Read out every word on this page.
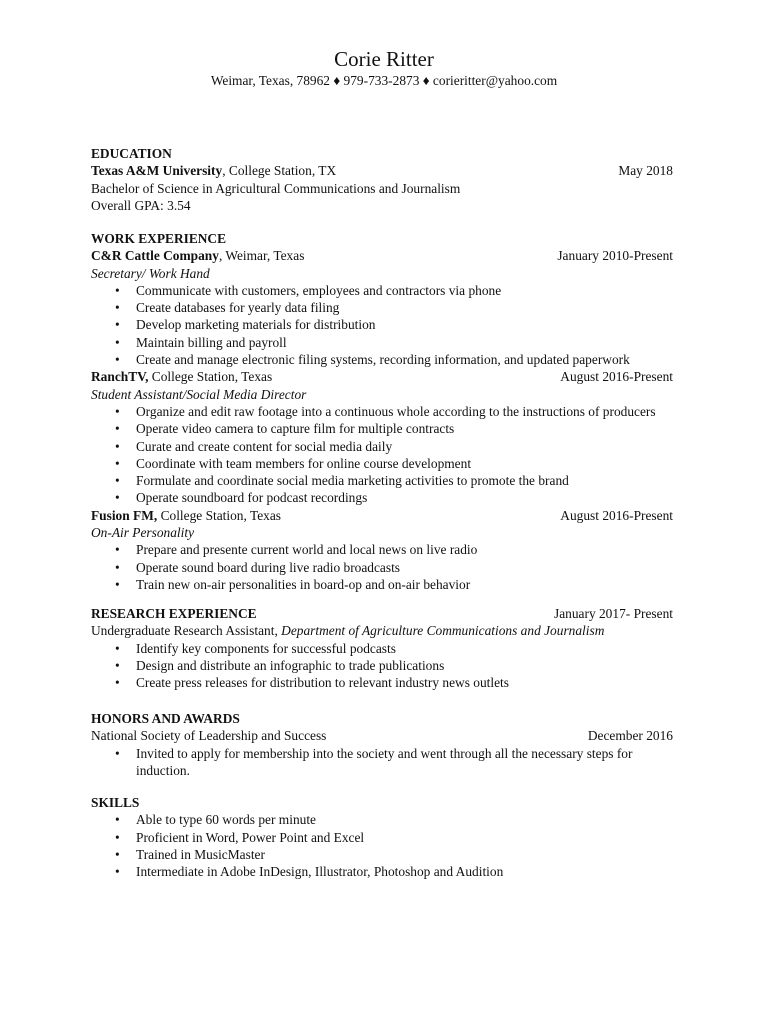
Corie Ritter
Weimar, Texas, 78962 ♦ 979-733-2873 ♦ corieritter@yahoo.com
EDUCATION
Texas A&M University, College Station, TX	May 2018
Bachelor of Science in Agricultural Communications and Journalism
Overall GPA: 3.54
WORK EXPERIENCE
C&R Cattle Company, Weimar, Texas	January 2010-Present
Secretary/ Work Hand
• Communicate with customers, employees and contractors via phone
• Create databases for yearly data filing
• Develop marketing materials for distribution
• Maintain billing and payroll
• Create and manage electronic filing systems, recording information, and updated paperwork
RanchTV, College Station, Texas	August 2016-Present
Student Assistant/Social Media Director
• Organize and edit raw footage into a continuous whole according to the instructions of producers
• Operate video camera to capture film for multiple contracts
• Curate and create content for social media daily
• Coordinate with team members for online course development
• Formulate and coordinate social media marketing activities to promote the brand
• Operate soundboard for podcast recordings
Fusion FM, College Station, Texas	August 2016-Present
On-Air Personality
• Prepare and presente current world and local news on live radio
• Operate sound board during live radio broadcasts
• Train new on-air personalities in board-op and on-air behavior
RESEARCH EXPERIENCE	January 2017- Present
Undergraduate Research Assistant, Department of Agriculture Communications and Journalism
• Identify key components for successful podcasts
• Design and distribute an infographic to trade publications
• Create press releases for distribution to relevant industry news outlets
HONORS AND AWARDS
National Society of Leadership and Success	December 2016
• Invited to apply for membership into the society and went through all the necessary steps for
induction.
SKILLS
• Able to type 60 words per minute
• Proficient in Word, Power Point and Excel
• Trained in MusicMaster
• Intermediate in Adobe InDesign, Illustrator, Photoshop and Audition
